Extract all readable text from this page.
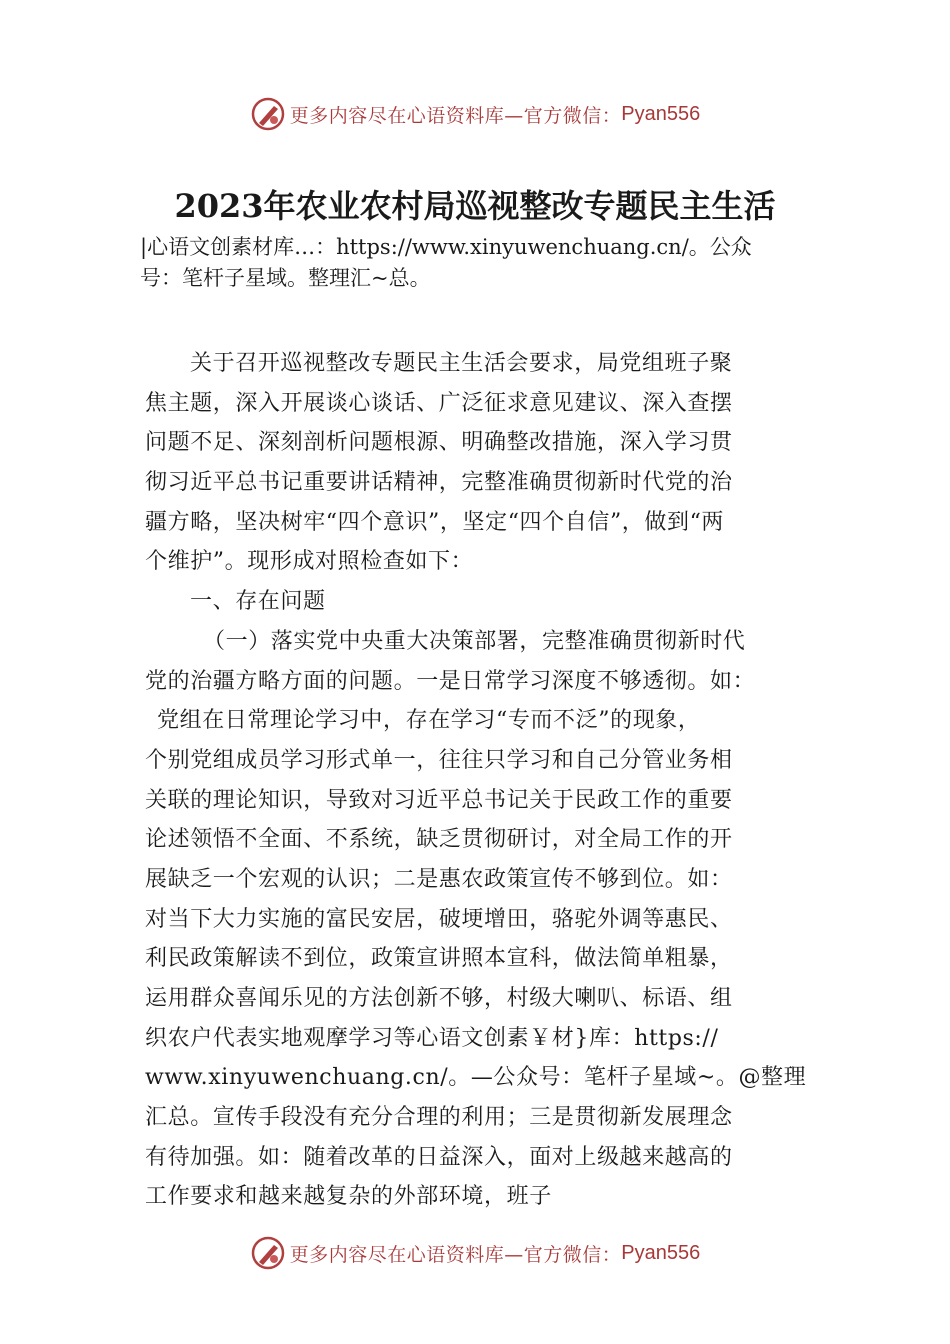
更多内容尽在心语资料库—官方微信： Pyan556
2023年农业农村局巡视整改专题民主生活
|心语文创素材库…：https://www.xinyuwenchuang.cn/。公众
号：笔杆子星域。整理汇~总。
关于召开巡视整改专题民主生活会要求，局党组班子聚
焦主题，深入开展谈心谈话、广泛征求意见建议、深入查摆
问题不足、深刻剖析问题根源、明确整改措施，深入学习贯
彻习近平总书记重要讲话精神，完整准确贯彻新时代党的治
疆方略，坚决树牢“四个意识”，坚定“四个自信”，做到“两
个维护”。现形成对照检查如下：
一、存在问题
（一）落实党中央重大决策部署，完整准确贯彻新时代
党的治疆方略方面的问题。一是日常学习深度不够透彻。如：
党组在日常理论学习中，存在学习“专而不泛”的现象，
个别党组成员学习形式单一，往往只学习和自己分管业务相
关联的理论知识，导致对习近平总书记关于民政工作的重要
论述领悟不全面、不系统，缺乏贯彻研讨，对全局工作的开
展缺乏一个宏观的认识；二是惠农政策宣传不够到位。如：
对当下大力实施的富民安居，破埂增田，骆驼外调等惠民、
利民政策解读不到位，政策宣讲照本宣科，做法简单粗暴，
运用群众喜闻乐见的方法创新不够，村级大喇叭、标语、组
织农户代表实地观摩学习等心语文创素￥材}库：https://
www.xinyuwenchuang.cn/。—公众号：笔杆子星域~。@整理
汇总。宣传手段没有充分合理的利用；三是贯彻新发展理念
有待加强。如：随着改革的日益深入，面对上级越来越高的
工作要求和越来越复杂的外部环境，班子
更多内容尽在心语资料库—官方微信： Pyan556
